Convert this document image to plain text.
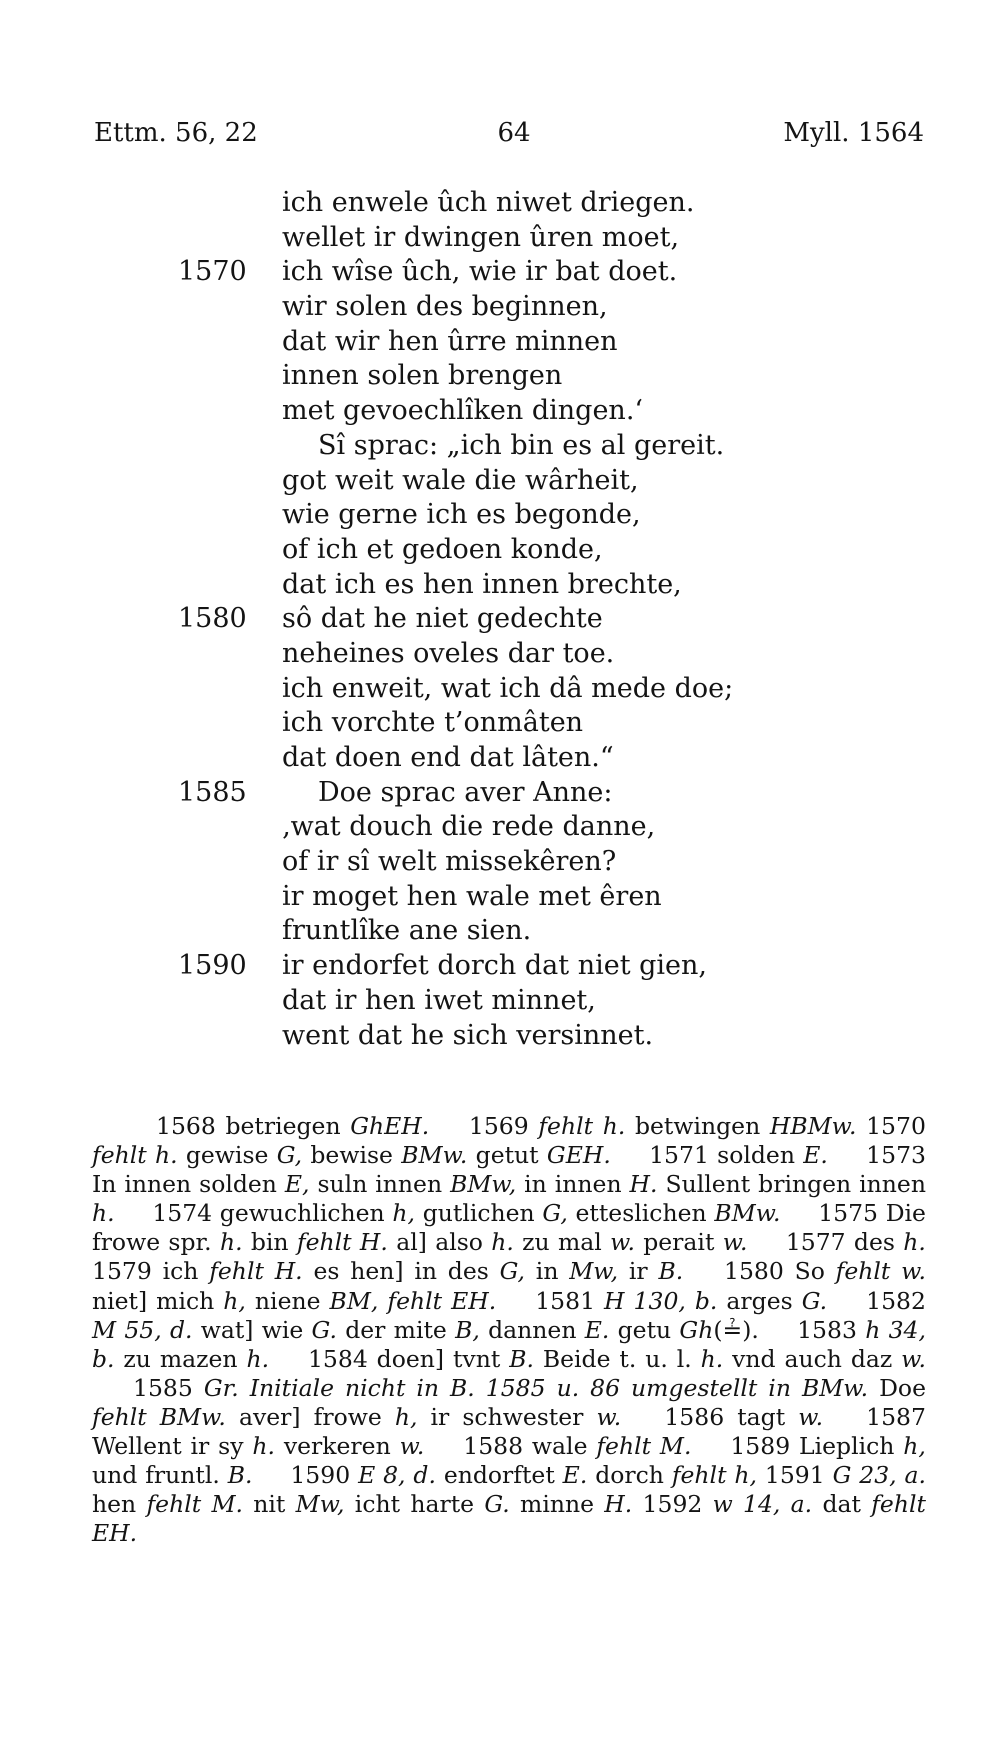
Ettm. 56, 22	64	Myll. 1564
ich enwele ûch niwet driegen.
wellet ir dwingen ûren moet,
1570 ich wîse ûch, wie ir bat doet.
wir solen des beginnen,
dat wir hen ûrre minnen
innen solen brengen
met gevoechlîken dingen.‘
Sî sprac: „ich bin es al gereit.
got weit wale die wârheit,
wie gerne ich es begonde,
of ich et gedoen konde,
dat ich es hen innen brechte,
1580 sô dat he niet gedechte
neheines oveles dar toe.
ich enweit, wat ich dâ mede doe;
ich vorchte t’onmâten
dat doen end dat lâten.“
1585	Doe sprac aver Anne:
‚wat douch die rede danne,
of ir sî welt missekêren?
ir moget hen wale met êren
fruntlîke ane sien.
1590 ir endorfet dorch dat niet gien,
dat ir hen iwet minnet,
went dat he sich versinnet.

1568 betriegen GhEH. 1569 fehlt h. betwingen HBMw. 1570 fehlt h. gewise G, bewise BMw. getut GEH. 1571 solden E. 1573 In innen solden E, suln innen BMw, in innen H. Sullent bringen innen h. 1574 gewuchlichen h, gutlichen G, etteslichen BMw. 1575 Die frowe spr. h. bin fehlt H. al] also h. zu mal w. perait w. 1577 des h. 1579 ich fehlt H. es hen] in des G, in Mw, ir B. 1580 So fehlt w. niet] mich h, niene BM, fehlt EH. 1581 H 130, b. arges G. 1582 M 55, d. wat] wie G. der mite B, dannen E. getu Gh(≟). 1583 h 34, b. zu mazen h. 1584 doen] tvnt B. Beide t. u. l. h. vnd auch daz w. 1585 Gr. Initiale nicht in B. 1585 u. 86 umgestellt in BMw. Doe fehlt BMw. aver] frowe h, ir schwester w. 1586 tagt w. 1587 Wellent ir sy h. verkeren w. 1588 wale fehlt M. 1589 Lieplich h, und fruntl. B. 1590 E 8, d. endorftet E. dorch fehlt h, 1591 G 23, a. hen fehlt M. nit Mw, icht harte G. minne H. 1592 w 14, a. dat fehlt EH.
